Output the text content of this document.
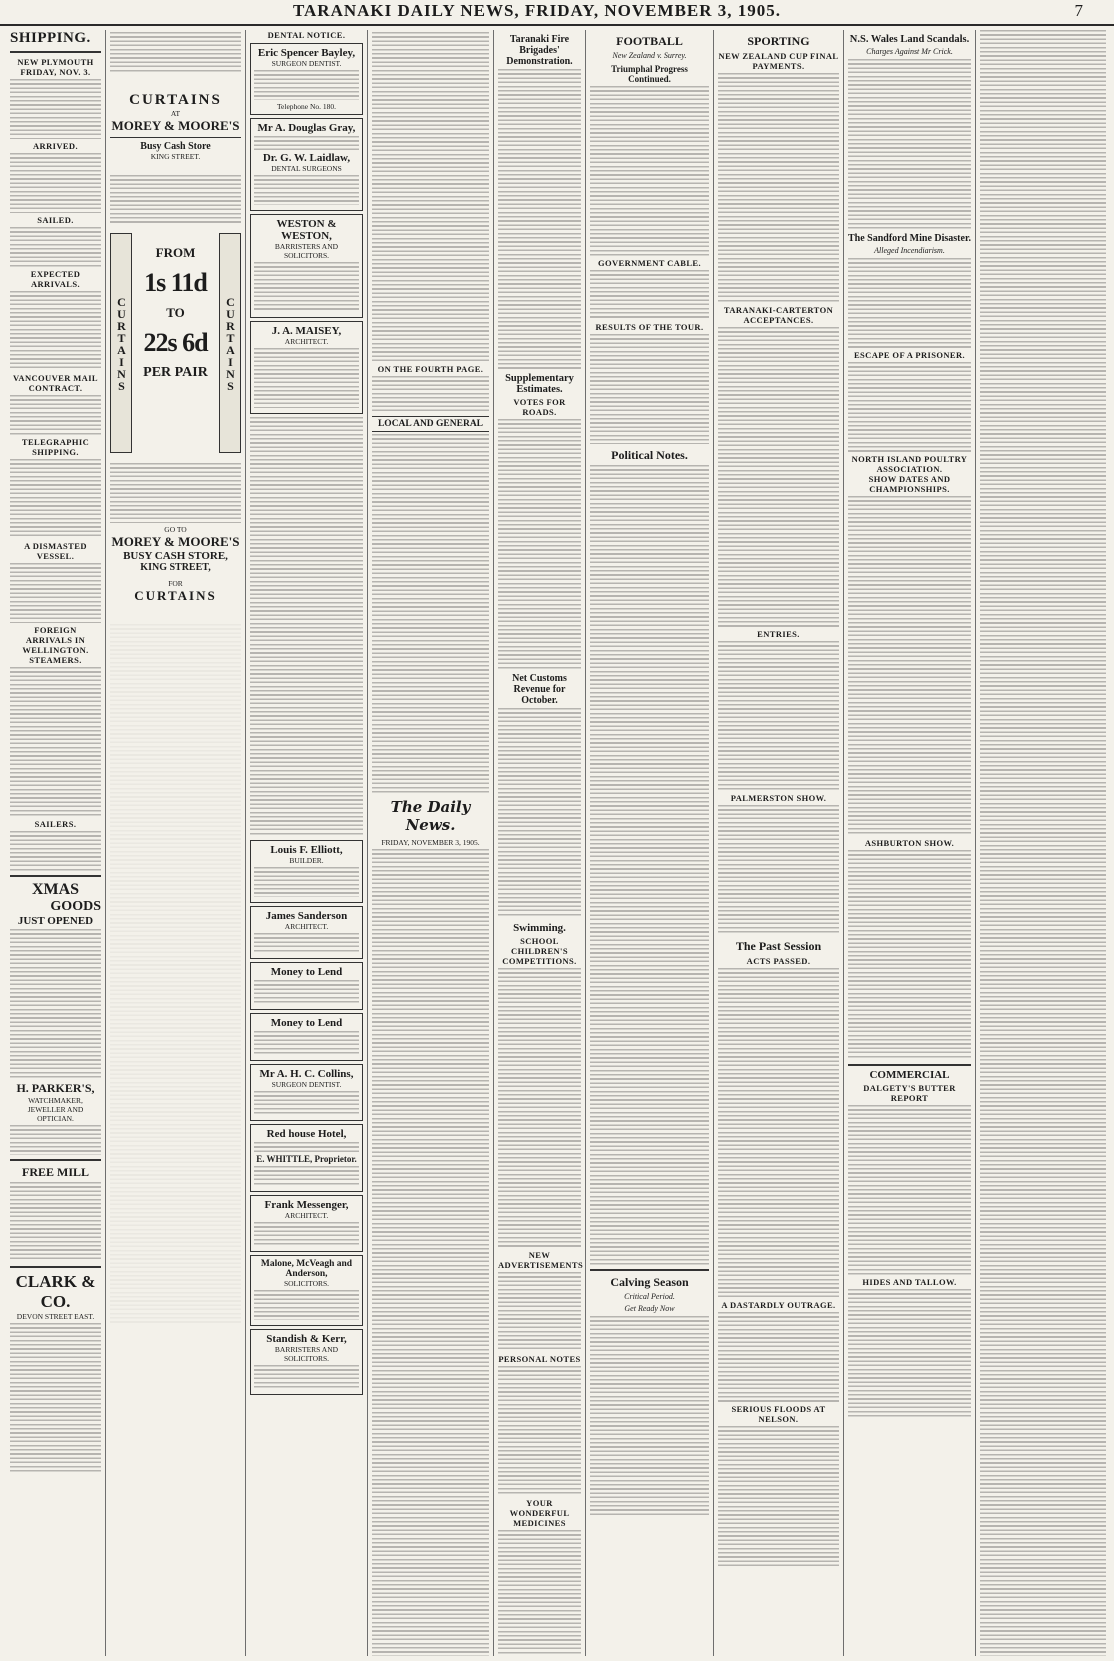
TARANAKI DAILY NEWS, FRIDAY, NOVEMBER 3, 1905.	7
SHIPPING.
NEW PLYMOUTH
FRIDAY, NOV. 3.
ARRIVED.
SAILED.
EXPECTED ARRIVALS.
VANCOUVER MAIL CONTRACT.
TELEGRAPHIC SHIPPING.
A DISMASTED VESSEL.
FOREIGN ARRIVALS IN WELLINGTON.
STEAMERS.
SAILERS.
XMAS
GOODS
JUST OPENED
H. PARKER'S,
WATCHMAKER, JEWELLER AND OPTICIAN.
FREE MILL
CLARK & CO.
DEVON STREET EAST.
CURTAINS
AT
MOREY & MOORE'S
Busy Cash Store
KING STREET.
CURTAINS
FROM
1s 11d
TO
22s 6d
PER PAIR	CURTAINS
GO TO
MOREY & MOORE'S
BUSY CASH STORE,
KING STREET,
FOR
CURTAINS
DENTAL NOTICE.
Eric Spencer Bayley,
SURGEON DENTIST.
Telephone No. 180.
Mr A. Douglas Gray,
Dr. G. W. Laidlaw,
DENTAL SURGEONS
WESTON & WESTON,
BARRISTERS AND SOLICITORS.
J. A. MAISEY,
ARCHITECT.
Louis F. Elliott,
BUILDER.
James Sanderson
ARCHITECT.
Money to Lend
Money to Lend
Mr A. H. C. Collins,
SURGEON DENTIST.
Red house Hotel,
E. WHITTLE, Proprietor.
Frank Messenger,
ARCHITECT.
Malone, McVeagh and Anderson,
SOLICITORS.
Standish & Kerr,
BARRISTERS AND SOLICITORS.
ON THE FOURTH PAGE.
LOCAL AND GENERAL
The Daily News.
FRIDAY, NOVEMBER 3, 1905.
Taranaki Fire Brigades' Demonstration.
Supplementary Estimates.
VOTES FOR ROADS.
Net Customs Revenue for October.
Swimming.
SCHOOL CHILDREN'S COMPETITIONS.
NEW ADVERTISEMENTS
PERSONAL NOTES
YOUR WONDERFUL MEDICINES
FOOTBALL
New Zealand v. Surrey.
Triumphal Progress Continued.
GOVERNMENT CABLE.
RESULTS OF THE TOUR.
Political Notes.
Calving Season
Critical Period.
Get Ready Now
SPORTING
NEW ZEALAND CUP FINAL PAYMENTS.
TARANAKI-CARTERTON ACCEPTANCES.
ENTRIES.
PALMERSTON SHOW.
The Past Session
ACTS PASSED.
A DASTARDLY OUTRAGE.
SERIOUS FLOODS AT NELSON.
N.S. Wales Land Scandals.
Charges Against Mr Crick.
The Sandford Mine Disaster.
Alleged Incendiarism.
ESCAPE OF A PRISONER.
NORTH ISLAND POULTRY ASSOCIATION.
SHOW DATES AND CHAMPIONSHIPS.
ASHBURTON SHOW.
COMMERCIAL
DALGETY'S BUTTER REPORT
HIDES AND TALLOW.
